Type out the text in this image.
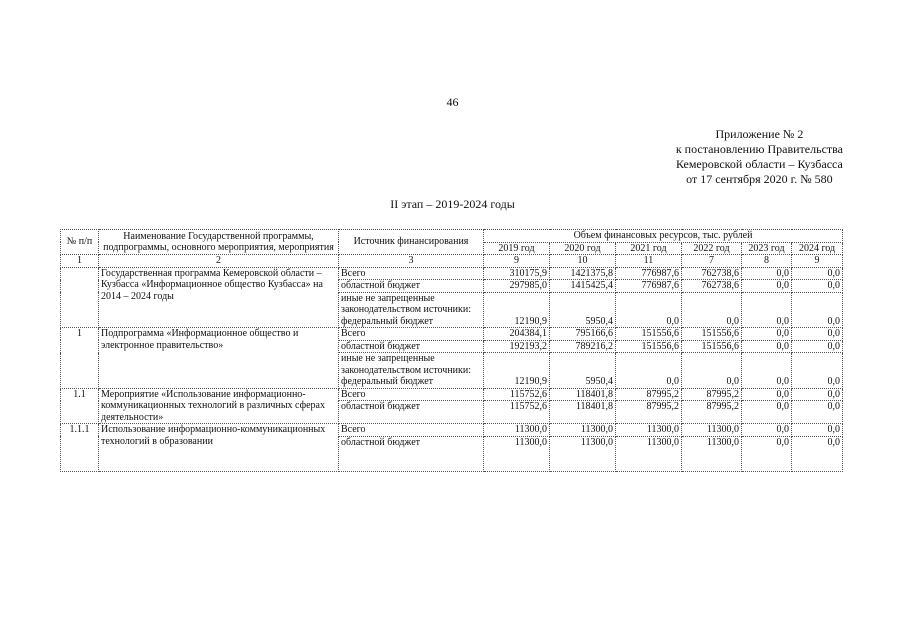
46
Приложение № 2
к постановлению Правительства
Кемеровской области – Кузбасса
от 17 сентября 2020 г. № 580
II этап – 2019-2024 годы
№ п/п	Наименование Государственной программы, подпрограммы, основного мероприятия, мероприятия	Источник финансирования	Объем финансовых ресурсов, тыс. рублей					
			2019 год	2020 год	2021 год	2022 год	2023 год	2024 год
1	2	3	9	10	11	7	8	9
	Государственная программа Кемеровской области – Кузбасса «Информационное общество Кузбасса» на 2014 – 2024 годы	Всего	310175,9	1421375,8	776987,6	762738,6	0,0	0,0
		областной бюджет	297985,0	1415425,4	776987,6	762738,6	0,0	0,0
		иные не запрещенные законодательством источники: федеральный бюджет	12190,9	5950,4	0,0	0,0	0,0	0,0
1	Подпрограмма «Информационное общество и электронное правительство»	Всего	204384,1	795166,6	151556,6	151556,6	0,0	0,0
		областной бюджет	192193,2	789216,2	151556,6	151556,6	0,0	0,0
		иные не запрещенные законодательством источники: федеральный бюджет	12190,9	5950,4	0,0	0,0	0,0	0,0
1.1	Мероприятие «Использование информационно-коммуникационных технологий в различных сферах деятельности»	Всего	115752,6	118401,8	87995,2	87995,2	0,0	0,0
		областной бюджет	115752,6	118401,8	87995,2	87995,2	0,0	0,0
1.1.1	Использование информационно-коммуникационных технологий в образовании	Всего	11300,0	11300,0	11300,0	11300,0	0,0	0,0
		областной бюджет	11300,0	11300,0	11300,0	11300,0	0,0	0,0
